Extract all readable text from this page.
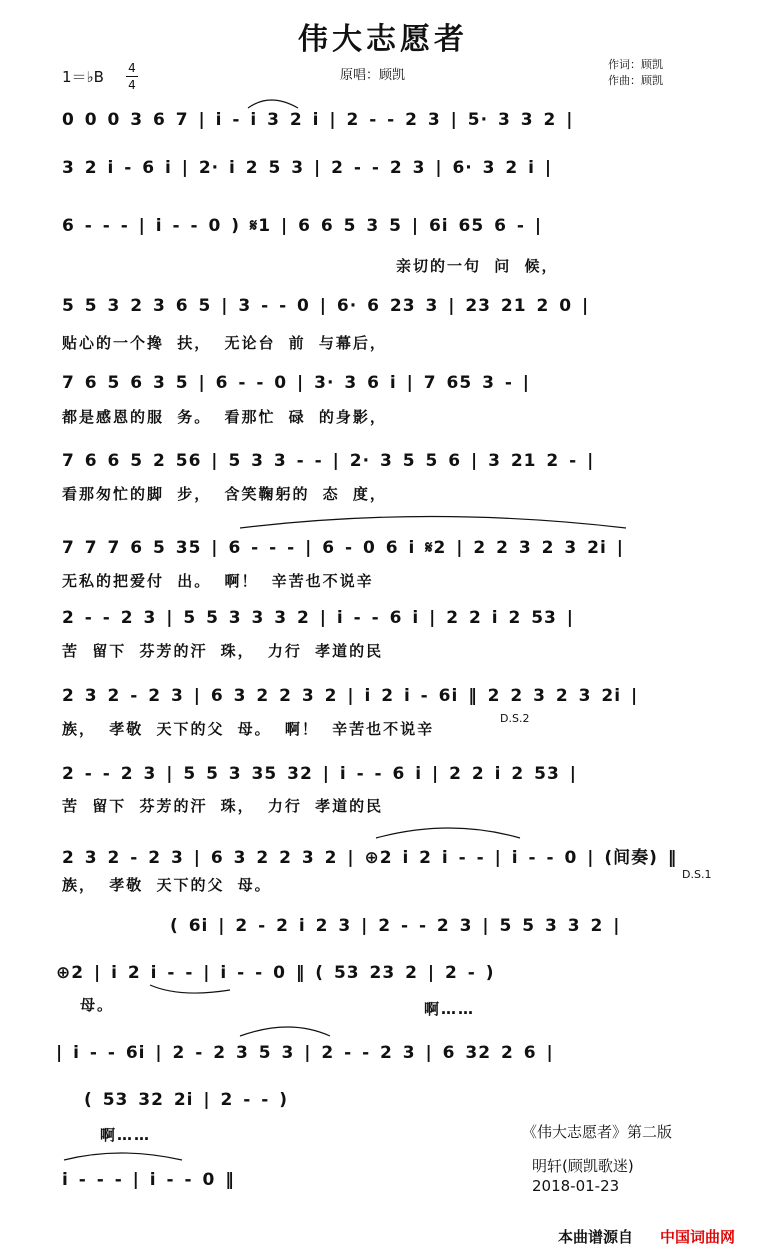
伟大志愿者
1＝♭B 4
4
原唱：顾凯
作词：顾凯
作曲：顾凯
0 0 0 3 6 7 | i - i 3 2 i | 2 - - 2 3 | 5· 3 3 2 |
3 2 i - 6 i | 2· i 2 5 3 | 2 - - 2 3 | 6· 3 2 i |
6 - - - | i - - 0 ) 𝄋1 | 6 6 5 3 5 | 6i 65 6 - |
亲切的一句 问 候，
5 5 3 2 3 6 5 | 3 - - 0 | 6· 6 23 3 | 23 21 2 0 |
贴心的一个搀 扶， 无论台 前 与幕后，
7 6 5 6 3 5 | 6 - - 0 | 3· 3 6 i | 7 65 3 - |
都是感恩的服 务。 看那忙 碌 的身影，
7 6 6 5 2 56 | 5 3 3 - - | 2· 3 5 5 6 | 3 21 2 - |
看那匆忙的脚 步， 含笑鞠躬的 态 度，
7 7 7 6 5 35 | 6 - - - | 6 - 0 6 i 𝄋2 | 2 2 3 2 3 2i |
无私的把爱付 出。 啊！ 辛苦也不说辛
2 - - 2 3 | 5 5 3 3 3 2 | i - - 6 i | 2 2 i 2 53 |
苦 留下 芬芳的汗 珠， 力行 孝道的民
2 3 2 - 2 3 | 6 3 2 2 3 2 | i 2 i - 6i ‖ 2 2 3 2 3 2i |
D.S.2
族， 孝敬 天下的父 母。 啊！ 辛苦也不说辛
2 - - 2 3 | 5 5 3 35 32 | i - - 6 i | 2 2 i 2 53 |
苦 留下 芬芳的汗 珠， 力行 孝道的民
2 3 2 - 2 3 | 6 3 2 2 3 2 | ⊕2 i 2 i - - | i - - 0 | (间奏) ‖
D.S.1
族， 孝敬 天下的父 母。
( 6i | 2 - 2 i 2 3 | 2 - - 2 3 | 5 5 3 3 2 |
⊕2 | i 2 i - - | i - - 0 ‖ ( 53 23 2 | 2 - )
母。	啊……
| i - - 6i | 2 - 2 3 5 3 | 2 - - 2 3 | 6 32 2 6 |
( 53 32 2i | 2 - - )
啊……	《伟大志愿者》第二版
i - - - | i - - 0 ‖
明轩(顾凯歌迷)
2018-01-23
本曲谱源自 中国词曲网
